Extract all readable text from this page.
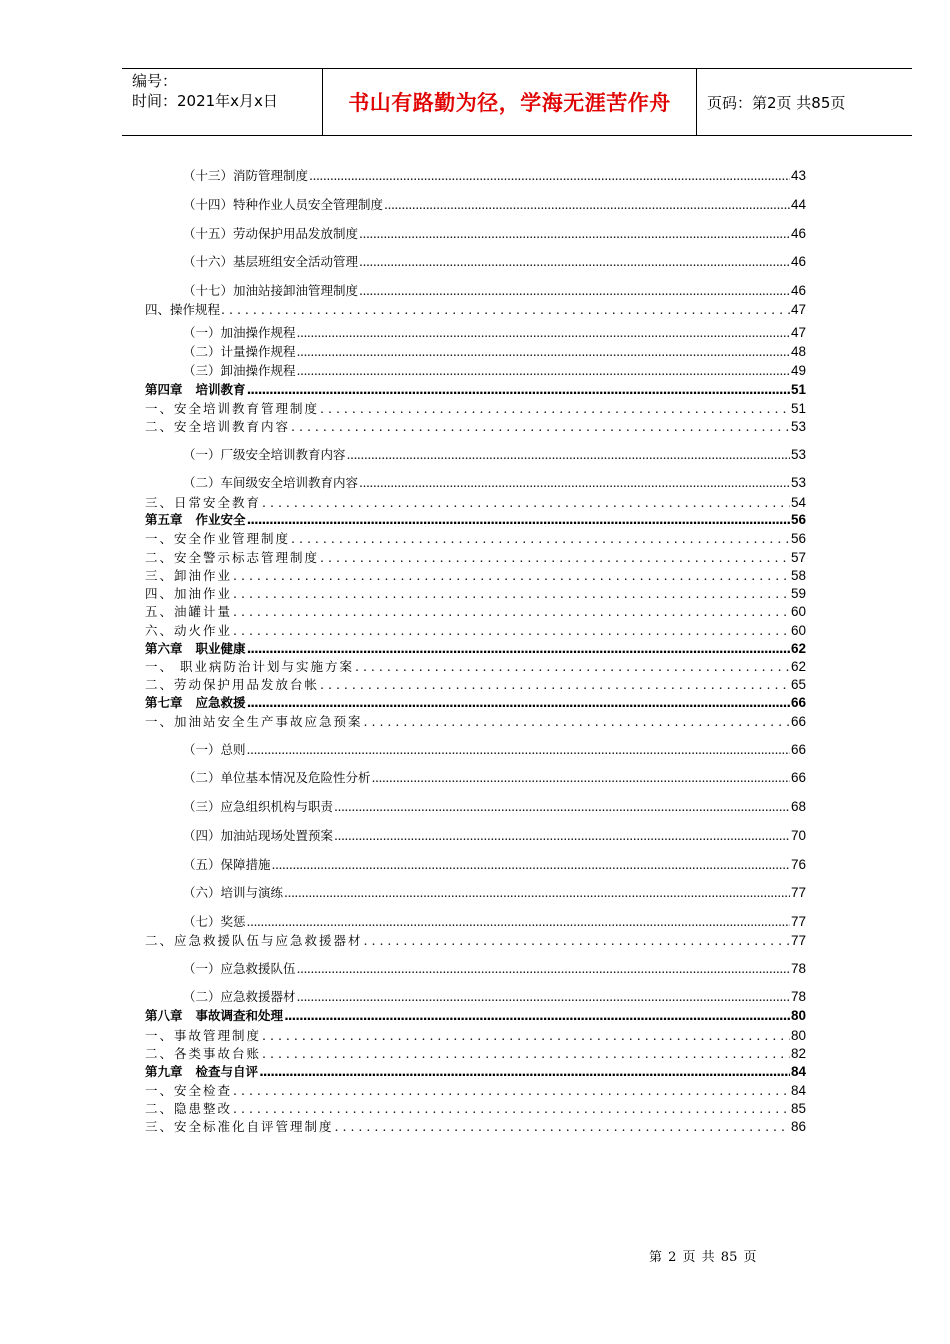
编号：
时间：2021年x月x日	书山有路勤为径，学海无涯苦作舟	页码：第2页 共85页
（十三）消防管理制度 .....	43
（十四）特种作业人员安全管理制度 .....	44
（十五）劳动保护用品发放制度 .....	46
（十六）基层班组安全活动管理 .....	46
（十七）加油站接卸油管理制度 .....	46
四、操作规程 .....	47
（一）加油操作规程 .....	47
（二）计量操作规程 .....	48
（三）卸油操作规程 .....	49
第四章   培训教育 .....	51
一、安全培训教育管理制度 .....	51
二、安全培训教育内容 .....	53
（一）厂级安全培训教育内容 .....	53
（二）车间级安全培训教育内容 .....	53
三、日常安全教育 .....	54
第五章   作业安全 .....	56
一、安全作业管理制度 .....	56
二、安全警示标志管理制度 .....	57
三、卸油作业 .....	58
四、加油作业 .....	59
五、油罐计量 .....	60
六、动火作业 .....	60
第六章   职业健康 .....	62
一、 职业病防治计划与实施方案 .....	62
二、劳动保护用品发放台帐 .....	65
第七章   应急救援 .....	66
一、加油站安全生产事故应急预案 .....	66
（一）总则 .....	66
（二）单位基本情况及危险性分析 .....	66
（三）应急组织机构与职责 .....	68
（四）加油站现场处置预案 .....	70
（五）保障措施 .....	76
（六）培训与演练 .....	77
（七）奖惩 .....	77
二、应急救援队伍与应急救援器材 .....	77
（一）应急救援队伍 .....	78
（二）应急救援器材 .....	78
第八章   事故调查和处理 .....	80
一、事故管理制度 .....	80
二、各类事故台账 .....	82
第九章   检查与自评 .....	84
一、安全检查 .....	84
二、隐患整改 .....	85
三、安全标准化自评管理制度 .....	86
第 2 页 共 85 页
